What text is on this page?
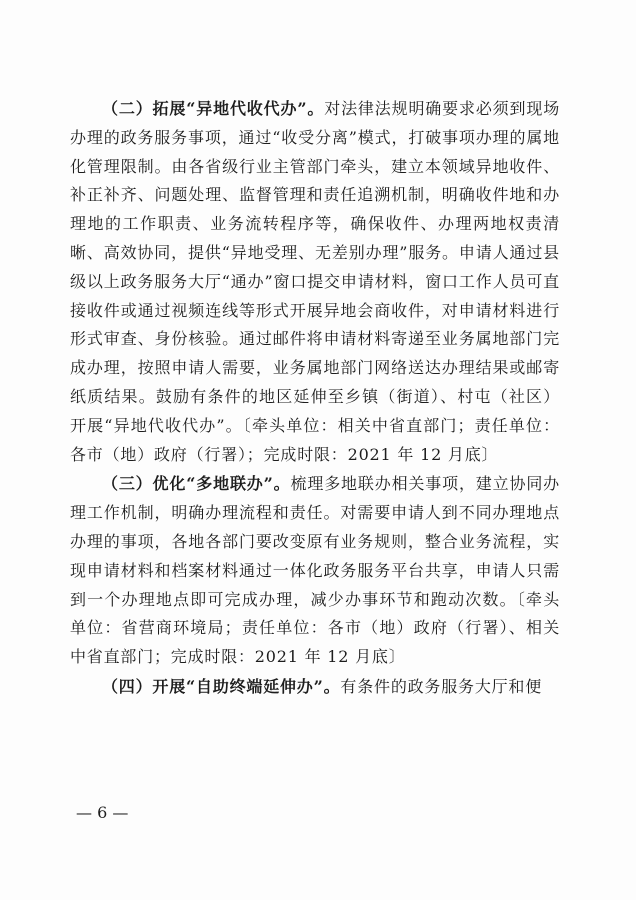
（二）拓展“异地代收代办”。对法律法规明确要求必须到现场办理的政务服务事项，通过“收受分离”模式，打破事项办理的属地化管理限制。由各省级行业主管部门牵头，建立本领域异地收件、补正补齐、问题处理、监督管理和责任追溯机制，明确收件地和办理地的工作职责、业务流转程序等，确保收件、办理两地权责清晰、高效协同，提供“异地受理、无差别办理”服务。申请人通过县级以上政务服务大厅“通办”窗口提交申请材料，窗口工作人员可直接收件或通过视频连线等形式开展异地会商收件，对申请材料进行形式审查、身份核验。通过邮件将申请材料寄递至业务属地部门完成办理，按照申请人需要，业务属地部门网络送达办理结果或邮寄纸质结果。鼓励有条件的地区延伸至乡镇（街道）、村屯（社区）开展“异地代收代办”。〔牵头单位：相关中省直部门；责任单位：各市（地）政府（行署）；完成时限：2021 年 12 月底〕

（三）优化“多地联办”。梳理多地联办相关事项，建立协同办理工作机制，明确办理流程和责任。对需要申请人到不同办理地点办理的事项，各地各部门要改变原有业务规则，整合业务流程，实现申请材料和档案材料通过一体化政务服务平台共享，申请人只需到一个办理地点即可完成办理，减少办事环节和跑动次数。〔牵头单位：省营商环境局；责任单位：各市（地）政府（行署）、相关中省直部门；完成时限：2021 年 12 月底〕

（四）开展“自助终端延伸办”。有条件的政务服务大厅和便

— 6 —
